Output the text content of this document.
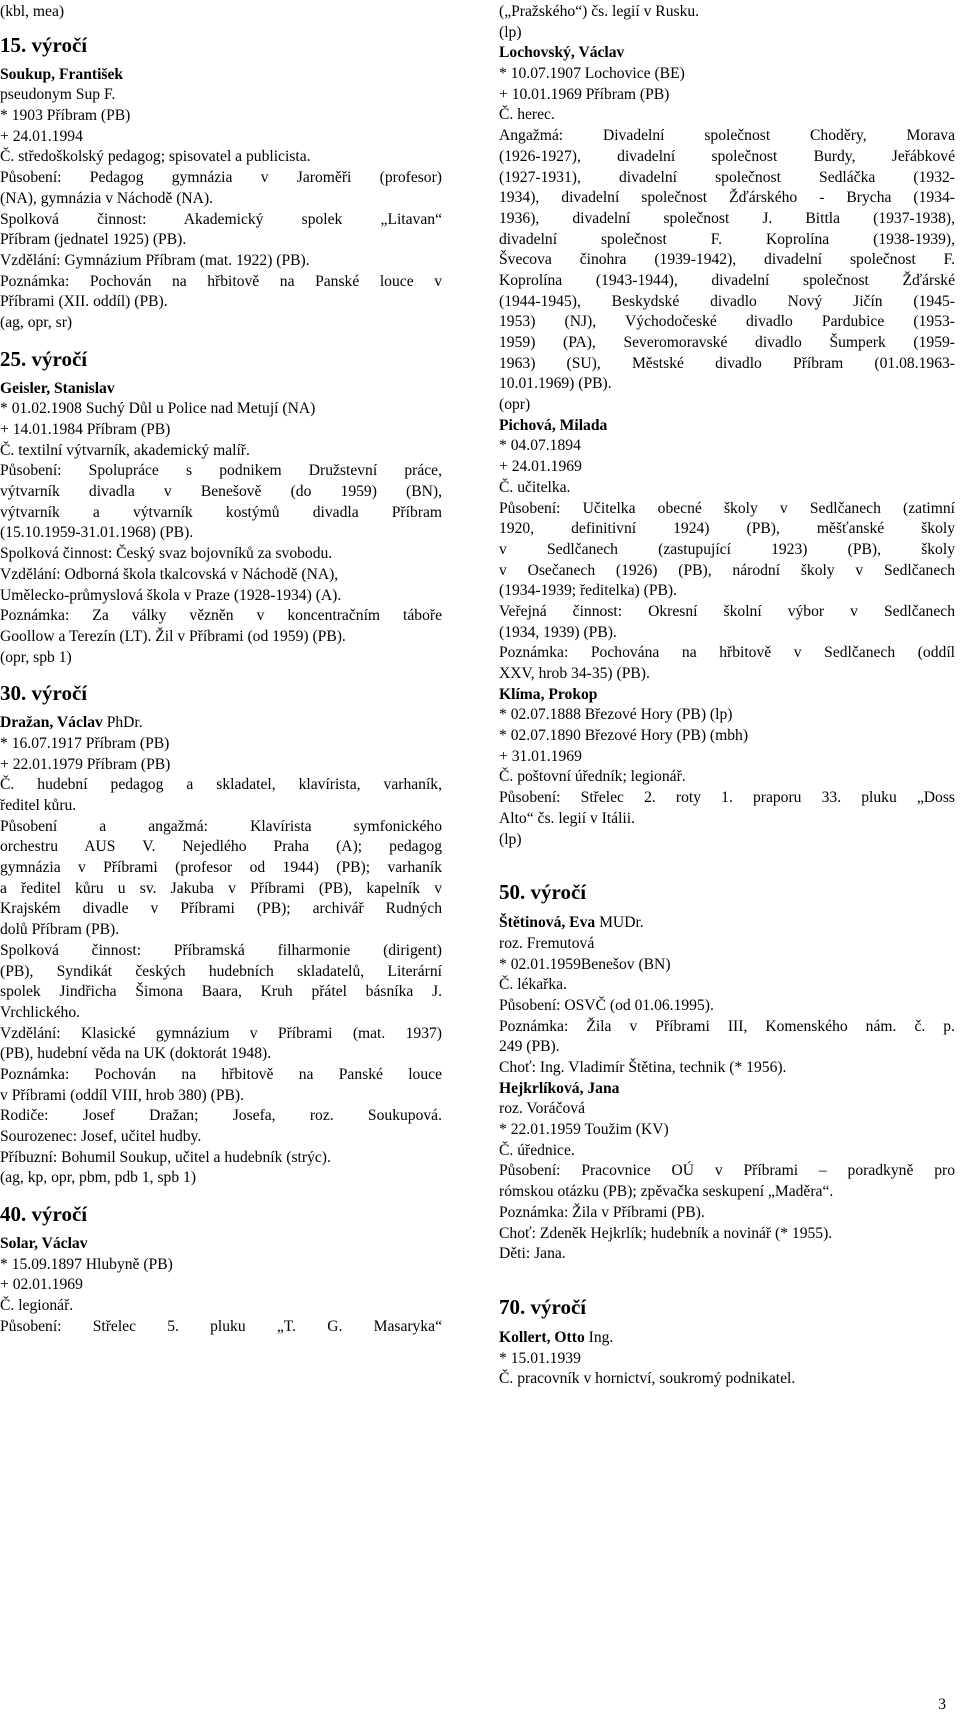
(kbl, mea)
15. výročí
Soukup, František
pseudonym Sup F.
* 1903 Příbram (PB)
+ 24.01.1994
Č. středoškolský pedagog; spisovatel a publicista.
Působení: Pedagog gymnázia v Jaroměři (profesor)
(NA), gymnázia v Náchodě (NA).
Spolková činnost: Akademický spolek „Litavan“
Příbram (jednatel 1925) (PB).
Vzdělání: Gymnázium Příbram (mat. 1922) (PB).
Poznámka: Pochován na hřbitově na Panské louce v
Příbrami (XII. oddíl) (PB).
(ag, opr, sr)
25. výročí
Geisler, Stanislav
* 01.02.1908 Suchý Důl u Police nad Metují (NA)
+ 14.01.1984 Příbram (PB)
Č. textilní výtvarník, akademický malíř.
Působení: Spolupráce s podnikem Družstevní práce,
výtvarník divadla v Benešově (do 1959) (BN),
výtvarník a výtvarník kostýmů divadla Příbram
(15.10.1959-31.01.1968) (PB).
Spolková činnost: Český svaz bojovníků za svobodu.
Vzdělání: Odborná škola tkalcovská v Náchodě (NA),
Umělecko-průmyslová škola v Praze (1928-1934) (A).
Poznámka: Za války vězněn v koncentračním táboře
Goollow a Terezín (LT). Žil v Příbrami (od 1959) (PB).
(opr, spb 1)
30. výročí
Dražan, Václav PhDr.
* 16.07.1917 Příbram (PB)
+ 22.01.1979 Příbram (PB)
Č. hudební pedagog a skladatel, klavírista, varhaník,
ředitel kůru.
Působení a angažmá: Klavírista symfonického
orchestru AUS V. Nejedlého Praha (A); pedagog
gymnázia v Příbrami (profesor od 1944) (PB); varhaník
a ředitel kůru u sv. Jakuba v Příbrami (PB), kapelník v
Krajském divadle v Příbrami (PB); archivář Rudných
dolů Příbram (PB).
Spolková činnost: Příbramská filharmonie (dirigent)
(PB), Syndikát českých hudebních skladatelů, Literární
spolek Jindřicha Šimona Baara, Kruh přátel básníka J.
Vrchlického.
Vzdělání: Klasické gymnázium v Příbrami (mat. 1937)
(PB), hudební věda na UK (doktorát 1948).
Poznámka: Pochován na hřbitově na Panské louce
v Příbrami (oddíl VIII, hrob 380) (PB).
Rodiče: Josef Dražan; Josefa, roz. Soukupová.
Sourozenec: Josef, učitel hudby.
Příbuzní: Bohumil Soukup, učitel a hudebník (strýc).
(ag, kp, opr, pbm, pdb 1, spb 1)
40. výročí
Solar, Václav
* 15.09.1897 Hlubyně (PB)
+ 02.01.1969
Č. legionář.
Působení: Střelec 5. pluku „T. G. Masaryka“
(„Pražského“) čs. legií v Rusku.
(lp)
Lochovský, Václav
* 10.07.1907 Lochovice (BE)
+ 10.01.1969 Příbram (PB)
Č. herec.
Angažmá: Divadelní společnost Choděry, Morava
(1926-1927), divadelní společnost Burdy, Jeřábkové
(1927-1931), divadelní společnost Sedláčka (1932-
1934), divadelní společnost Žďárského - Brycha (1934-
1936), divadelní společnost J. Bittla (1937-1938),
divadelní společnost F. Koprolína (1938-1939),
Švecova činohra (1939-1942), divadelní společnost F.
Koprolína (1943-1944), divadelní společnost Žďárské
(1944-1945), Beskydské divadlo Nový Jičín (1945-
1953) (NJ), Východočeské divadlo Pardubice (1953-
1959) (PA), Severomoravské divadlo Šumperk (1959-
1963) (SU), Městské divadlo Příbram (01.08.1963-
10.01.1969) (PB).
(opr)
Pichová, Milada
* 04.07.1894
+ 24.01.1969
Č. učitelka.
Působení: Učitelka obecné školy v Sedlčanech (zatimní
1920, definitivní 1924) (PB), měšťanské školy
v Sedlčanech (zastupující 1923) (PB), školy
v Osečanech (1926) (PB), národní školy v Sedlčanech
(1934-1939; ředitelka) (PB).
Veřejná činnost: Okresní školní výbor v Sedlčanech
(1934, 1939) (PB).
Poznámka: Pochována na hřbitově v Sedlčanech (oddíl
XXV, hrob 34-35) (PB).
Klíma, Prokop
* 02.07.1888 Březové Hory (PB) (lp)
* 02.07.1890 Březové Hory (PB) (mbh)
+ 31.01.1969
Č. poštovní úředník; legionář.
Působení: Střelec 2. roty 1. praporu 33. pluku „Doss
Alto“ čs. legií v Itálii.
(lp)
50. výročí
Štětinová, Eva MUDr.
roz. Fremutová
* 02.01.1959Benešov (BN)
Č. lékařka.
Působení: OSVČ (od 01.06.1995).
Poznámka: Žila v Příbrami III, Komenského nám. č. p.
249 (PB).
Choť: Ing. Vladimír Štětina, technik (* 1956).
Hejkrlíková, Jana
roz. Voráčová
* 22.01.1959 Toužim (KV)
Č. úřednice.
Působení: Pracovnice OÚ v Příbrami – poradkyně pro
rómskou otázku (PB); zpěvačka seskupení „Maděra“.
Poznámka: Žila v Příbrami (PB).
Choť: Zdeněk Hejkrlík; hudebník a novinář (* 1955).
Děti: Jana.
70. výročí
Kollert, Otto Ing.
* 15.01.1939
Č. pracovník v hornictví, soukromý podnikatel.
3
